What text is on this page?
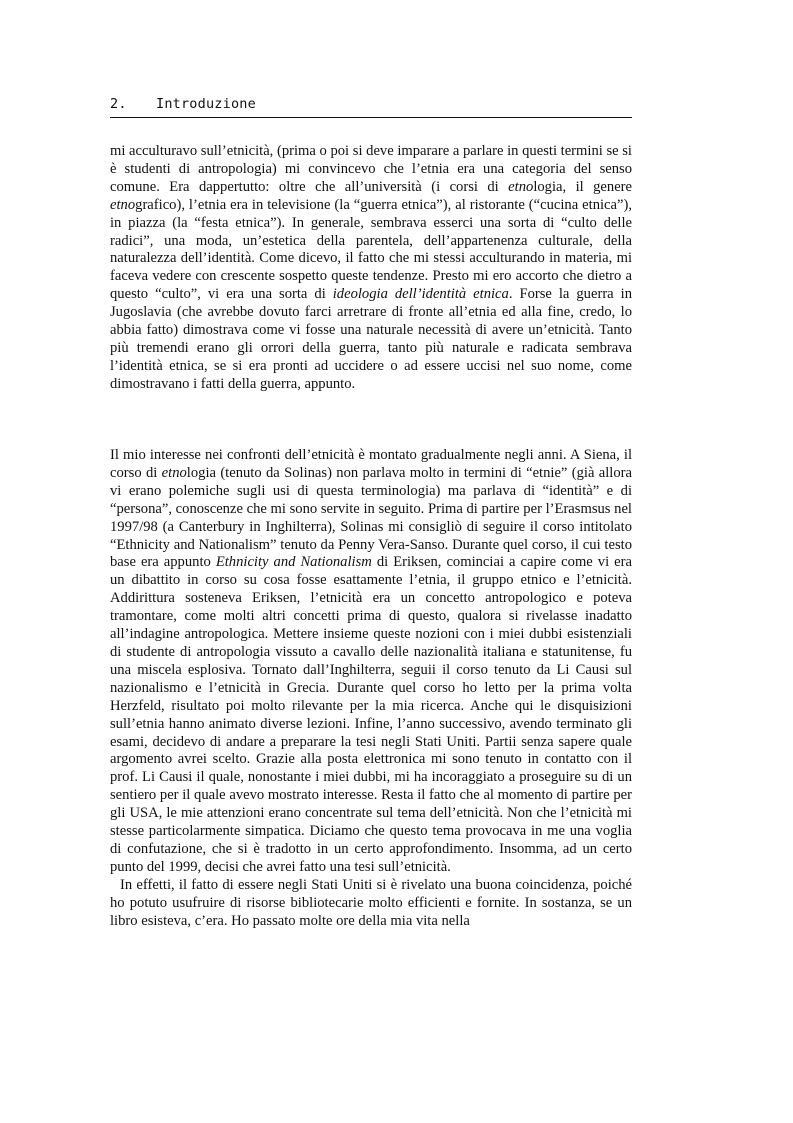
2. Introduzione

mi acculturavo sull’etnicità, (prima o poi si deve imparare a parlare in questi termini se si è studenti di antropologia) mi convincevo che l’etnia era una categoria del senso comune. Era dappertutto: oltre che all’università (i corsi di etnologia, il genere etnografico), l’etnia era in televisione (la “guerra etnica”), al ristorante (“cucina etnica”), in piazza (la “festa etnica”). In generale, sembrava esserci una sorta di “culto delle radici”, una moda, un’estetica della parentela, dell’appartenenza culturale, della naturalezza dell’identità. Come dicevo, il fatto che mi stessi acculturando in materia, mi faceva vedere con crescente sospetto queste tendenze. Presto mi ero accorto che dietro a questo “culto”, vi era una sorta di ideologia dell’identità etnica. Forse la guerra in Jugoslavia (che avrebbe dovuto farci arretrare di fronte all’etnia ed alla fine, credo, lo abbia fatto) dimostrava come vi fosse una naturale necessità di avere un’etnicità. Tanto più tremendi erano gli orrori della guerra, tanto più naturale e radicata sembrava l’identità etnica, se si era pronti ad uccidere o ad essere uccisi nel suo nome, come dimostravano i fatti della guerra, appunto.

Il mio interesse nei confronti dell’etnicità è montato gradualmente negli anni. A Siena, il corso di etnologia (tenuto da Solinas) non parlava molto in termini di “etnie” (già allora vi erano polemiche sugli usi di questa terminologia) ma parlava di “identità” e di “persona”, conoscenze che mi sono servite in seguito. Prima di partire per l’Erasmsus nel 1997/98 (a Canterbury in Inghilterra), Solinas mi consigliò di seguire il corso intitolato “Ethnicity and Nationalism” tenuto da Penny Vera-Sanso. Durante quel corso, il cui testo base era appunto Ethnicity and Nationalism di Eriksen, cominciai a capire come vi era un dibattito in corso su cosa fosse esattamente l’etnia, il gruppo etnico e l’etnicità. Addirittura sosteneva Eriksen, l’etnicità era un concetto antropologico e poteva tramontare, come molti altri concetti prima di questo, qualora si rivelasse inadatto all’indagine antropologica. Mettere insieme queste nozioni con i miei dubbi esistenziali di studente di antropologia vissuto a cavallo delle nazionalità italiana e statunitense, fu una miscela esplosiva. Tornato dall’Inghilterra, seguii il corso tenuto da Li Causi sul nazionalismo e l’etnicità in Grecia. Durante quel corso ho letto per la prima volta Herzfeld, risultato poi molto rilevante per la mia ricerca. Anche qui le disquisizioni sull’etnia hanno animato diverse lezioni. Infine, l’anno successivo, avendo terminato gli esami, decidevo di andare a preparare la tesi negli Stati Uniti. Partii senza sapere quale argomento avrei scelto. Grazie alla posta elettronica mi sono tenuto in contatto con il prof. Li Causi il quale, nonostante i miei dubbi, mi ha incoraggiato a proseguire su di un sentiero per il quale avevo mostrato interesse. Resta il fatto che al momento di partire per gli USA, le mie attenzioni erano concentrate sul tema dell’etnicità. Non che l’etnicità mi stesse particolarmente simpatica. Diciamo che questo tema provocava in me una voglia di confutazione, che si è tradotto in un certo approfondimento. Insomma, ad un certo punto del 1999, decisi che avrei fatto una tesi sull’etnicità.

In effetti, il fatto di essere negli Stati Uniti si è rivelato una buona coincidenza, poiché ho potuto usufruire di risorse bibliotecarie molto efficienti e fornite. In sostanza, se un libro esisteva, c’era. Ho passato molte ore della mia vita nella
